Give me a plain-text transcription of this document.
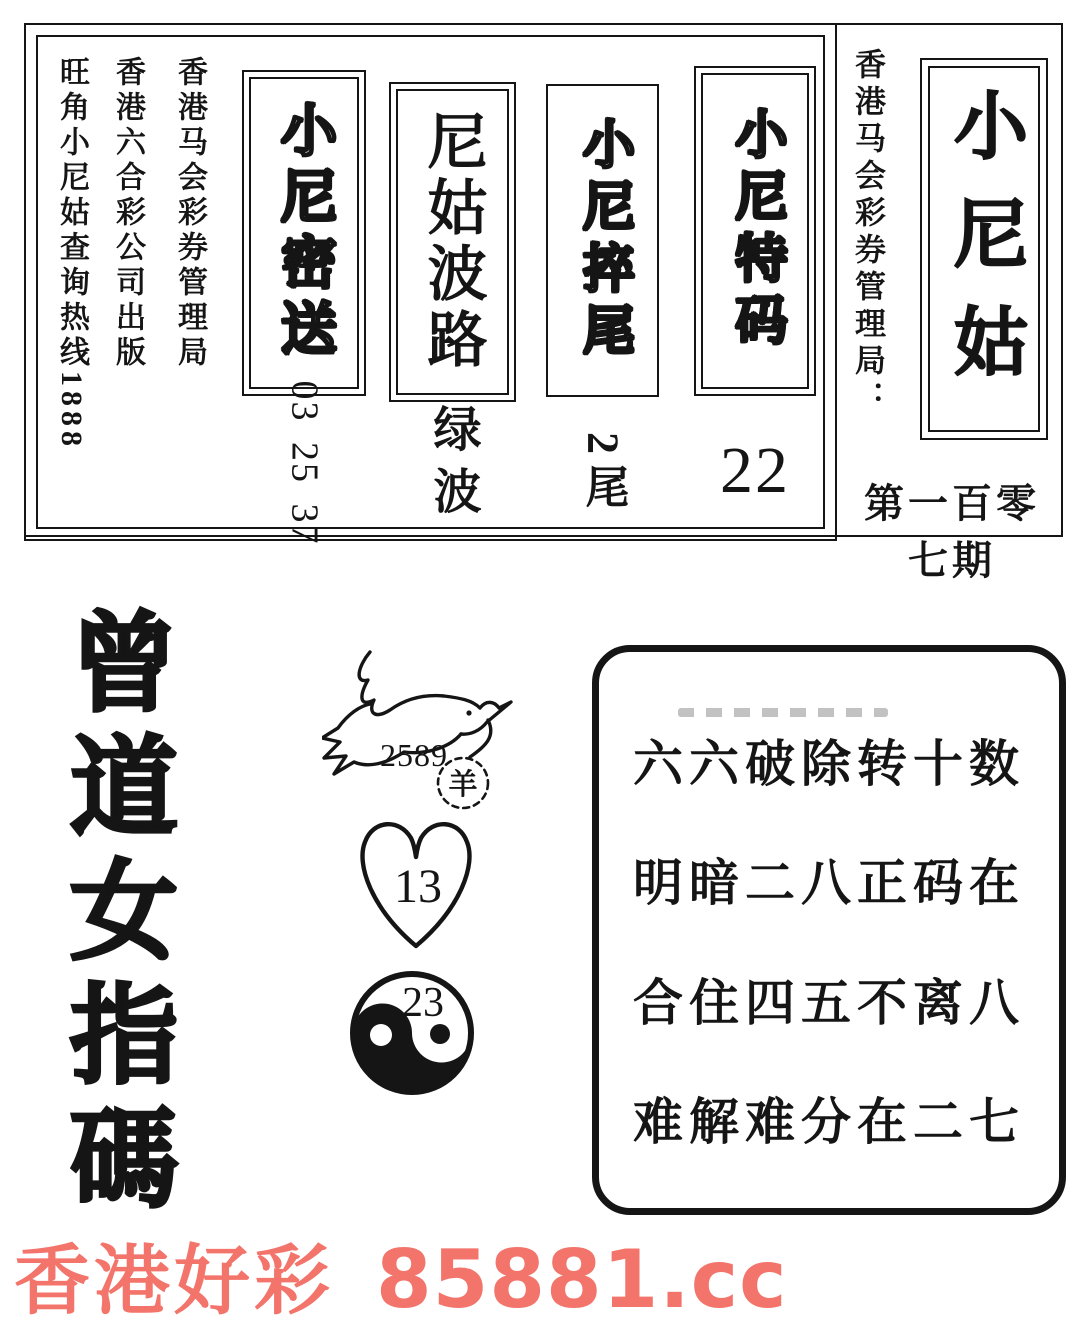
旺角小尼姑查询热线1888 香港六合彩公司出版 香港马会彩券管理局 小尼密送
03 25 37
尼姑波路
绿波
小尼捽尾
2尾
小尼特码
22
香港马会彩券管理局： 小尼姑
第一百零七期
曾道女指碼	2589
羊
13
23
六六破除转十数
明暗二八正码在
合住四五不离八
难解难分在二七
香港好彩 85881.cc
